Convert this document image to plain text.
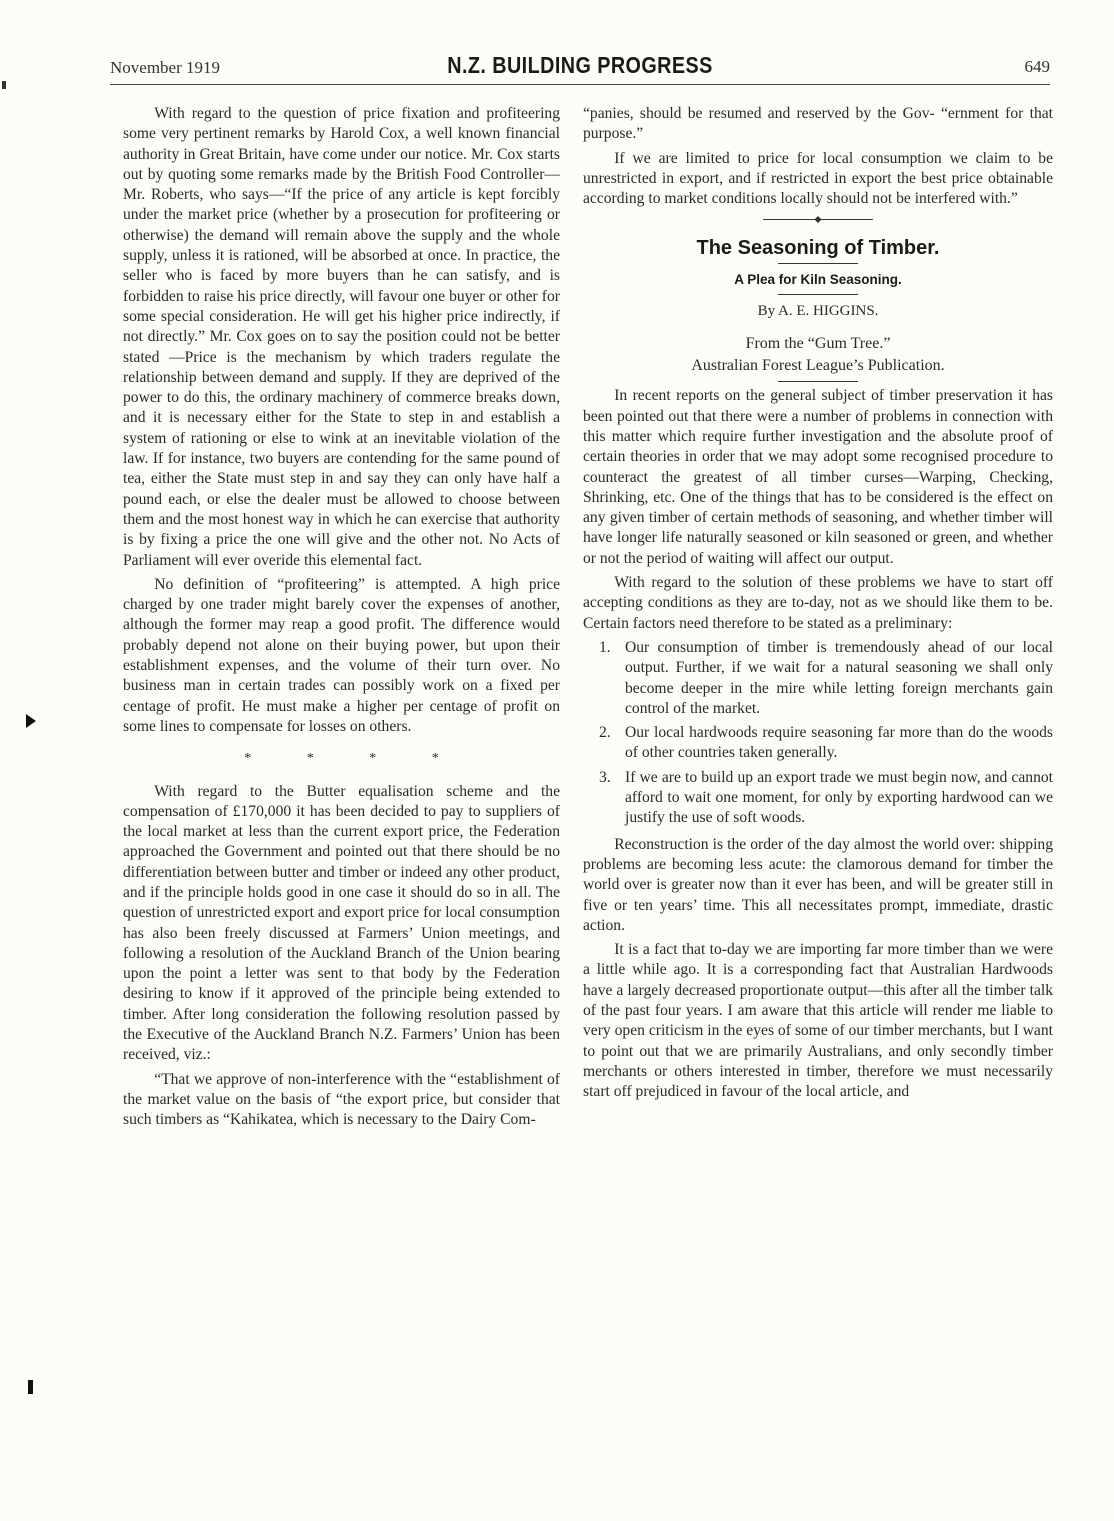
November 1919	N.Z. BUILDING PROGRESS	649

With regard to the question of price fixation and profiteering some very pertinent remarks by Harold Cox, a well known financial authority in Great Britain, have come under our notice. Mr. Cox starts out by quoting some remarks made by the British Food Controller—Mr. Roberts, who says—“If the price of any article is kept forcibly under the market price (whether by a prosecution for profiteering or otherwise) the demand will remain above the supply and the whole supply, unless it is rationed, will be absorbed at once. In practice, the seller who is faced by more buyers than he can satisfy, and is forbidden to raise his price directly, will favour one buyer or other for some special consideration. He will get his higher price indirectly, if not directly.” Mr. Cox goes on to say the position could not be better stated —Price is the mechanism by which traders regulate the relationship between demand and supply. If they are deprived of the power to do this, the ordinary machinery of commerce breaks down, and it is necessary either for the State to step in and establish a system of rationing or else to wink at an inevitable violation of the law. If for instance, two buyers are contending for the same pound of tea, either the State must step in and say they can only have half a pound each, or else the dealer must be allowed to choose between them and the most honest way in which he can exercise that authority is by fixing a price the one will give and the other not. No Acts of Parliament will ever overide this elemental fact.

No definition of “profiteering” is attempted. A high price charged by one trader might barely cover the expenses of another, although the former may reap a good profit. The difference would probably depend not alone on their buying power, but upon their establishment expenses, and the volume of their turn over. No business man in certain trades can possibly work on a fixed per centage of profit. He must make a higher per centage of profit on some lines to compensate for losses on others.

* * * *

With regard to the Butter equalisation scheme and the compensation of £170,000 it has been decided to pay to suppliers of the local market at less than the current export price, the Federation approached the Government and pointed out that there should be no differentiation between butter and timber or indeed any other product, and if the principle holds good in one case it should do so in all. The question of unrestricted export and export price for local consumption has also been freely discussed at Farmers’ Union meetings, and following a resolution of the Auckland Branch of the Union bearing upon the point a letter was sent to that body by the Federation desiring to know if it approved of the principle being extended to timber. After long consideration the following resolution passed by the Executive of the Auckland Branch N.Z. Farmers’ Union has been received, viz.:

“That we approve of non-interference with the “establishment of the market value on the basis of “the export price, but consider that such timbers as “Kahikatea, which is necessary to the Dairy Com-

“panies, should be resumed and reserved by the Gov- “ernment for that purpose.”

If we are limited to price for local consumption we claim to be unrestricted in export, and if restricted in export the best price obtainable according to market conditions locally should not be interfered with.”

The Seasoning of Timber.
A Plea for Kiln Seasoning.
By A. E. HIGGINS.
From the “Gum Tree.”
Australian Forest League’s Publication.

In recent reports on the general subject of timber preservation it has been pointed out that there were a number of problems in connection with this matter which require further investigation and the absolute proof of certain theories in order that we may adopt some recognised procedure to counteract the greatest of all timber curses—Warping, Checking, Shrinking, etc. One of the things that has to be considered is the effect on any given timber of certain methods of seasoning, and whether timber will have longer life naturally seasoned or kiln seasoned or green, and whether or not the period of waiting will affect our output.

With regard to the solution of these problems we have to start off accepting conditions as they are to-day, not as we should like them to be. Certain factors need therefore to be stated as a preliminary:

1. Our consumption of timber is tremendously ahead of our local output. Further, if we wait for a natural seasoning we shall only become deeper in the mire while letting foreign merchants gain control of the market.
2. Our local hardwoods require seasoning far more than do the woods of other countries taken generally.
3. If we are to build up an export trade we must begin now, and cannot afford to wait one moment, for only by exporting hardwood can we justify the use of soft woods.

Reconstruction is the order of the day almost the world over: shipping problems are becoming less acute: the clamorous demand for timber the world over is greater now than it ever has been, and will be greater still in five or ten years’ time. This all necessitates prompt, immediate, drastic action.

It is a fact that to-day we are importing far more timber than we were a little while ago. It is a corresponding fact that Australian Hardwoods have a largely decreased proportionate output—this after all the timber talk of the past four years. I am aware that this article will render me liable to very open criticism in the eyes of some of our timber merchants, but I want to point out that we are primarily Australians, and only secondly timber merchants or others interested in timber, therefore we must necessarily start off prejudiced in favour of the local article, and
